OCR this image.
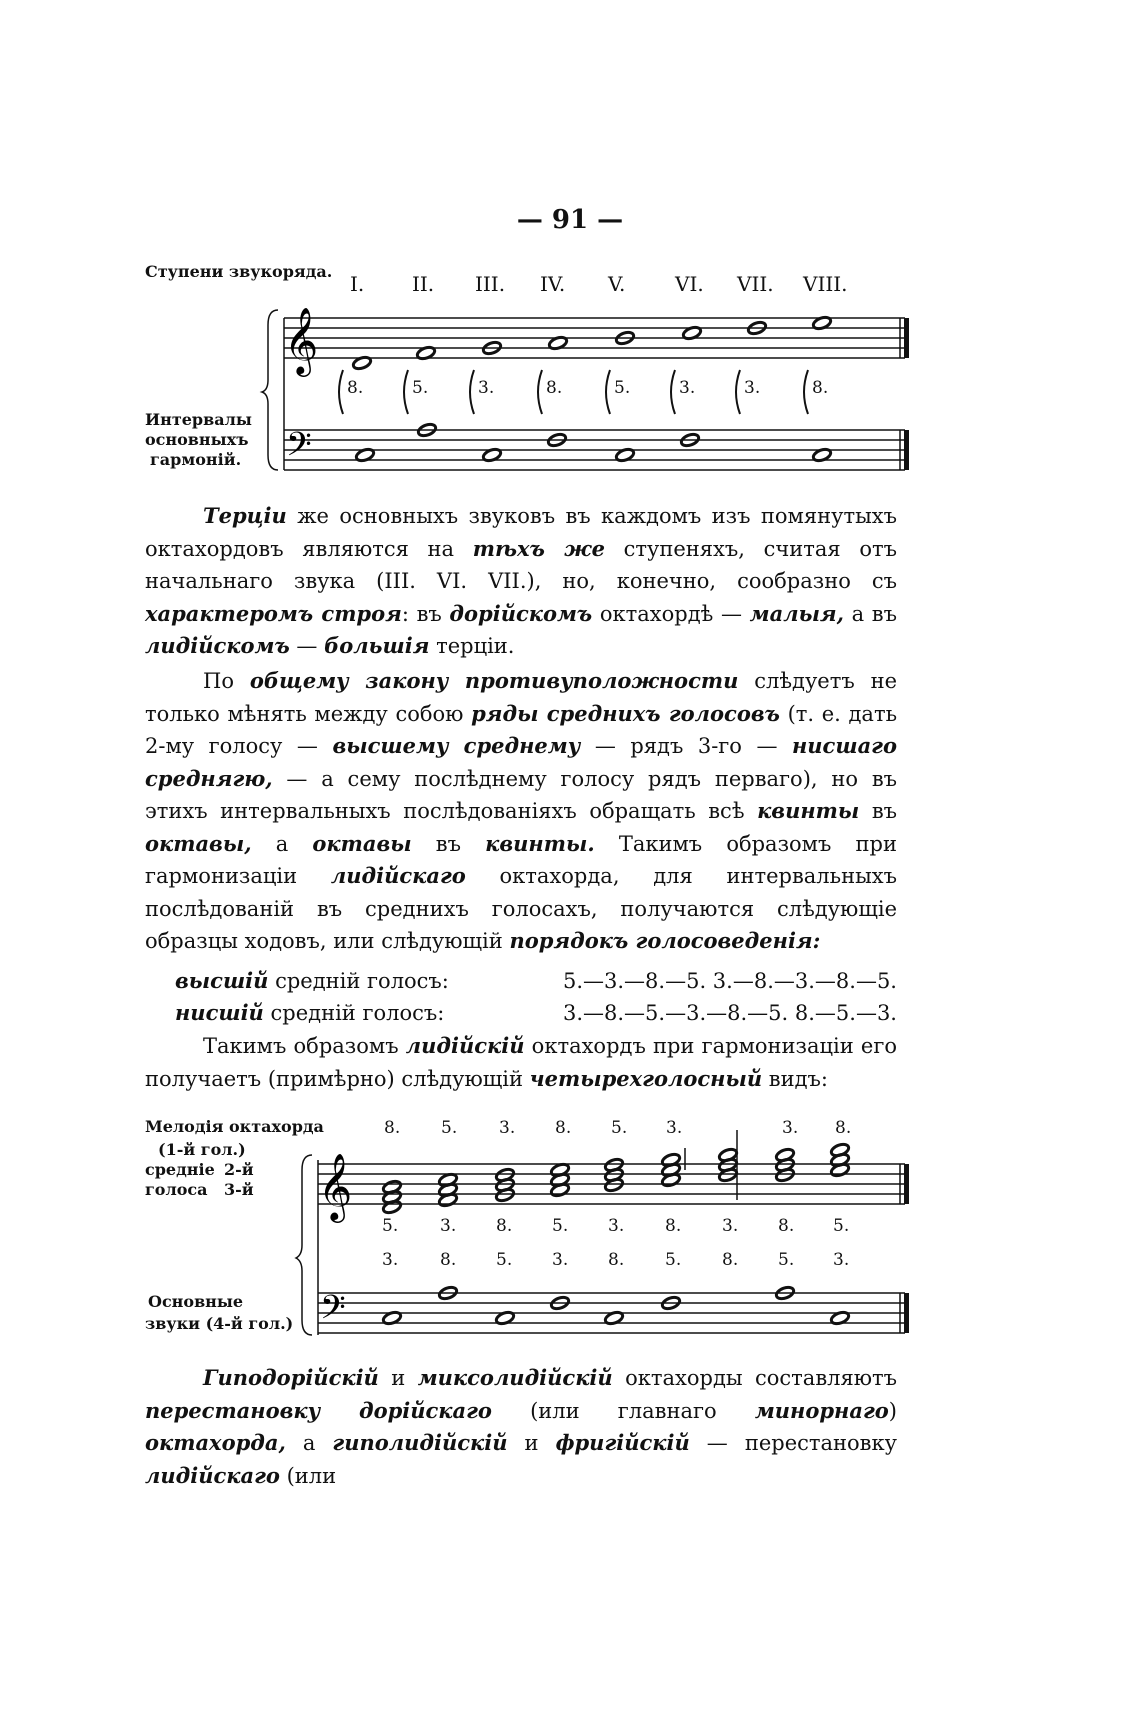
— 91 —
Ступени звукоряда.
I. II. III. IV. V. VI. VII. VIII.
Интервалы
основныхъ
гармоній.
𝄞
𝄢
8.	5.	3.	8.	5.	3.	3.	8.

Терціи же основныхъ звуковъ въ каждомъ изъ помянутыхъ октахордовъ являются на тѣхъ же ступеняхъ, считая отъ начальнаго звука (III. VI. VII.), но, конечно, сообразно съ характеромъ строя: въ дорійскомъ октахордѣ — малыя, а въ лидійскомъ — большія терціи.

По общему закону противуположности слѣдуетъ не только мѣнять между собою ряды среднихъ голосовъ (т. е. дать 2-му голосу — высшему среднему — рядъ 3-го — нисшаго среднягю, — а сему послѣднему голосу рядъ перваго), но въ этихъ интервальныхъ послѣдованіяхъ обращать всѣ квинты въ октавы, а октавы въ квинты. Такимъ образомъ при гармонизаціи лидійскаго октахорда, для интервальныхъ послѣдованій въ среднихъ голосахъ, получаются слѣдующіе образцы ходовъ, или слѣдующій порядокъ голосоведенія:

высшій средній голосъ:	5.—3.—8.—5. 3.—8.—3.—8.—5.
нисшій средній голосъ:	3.—8.—5.—3.—8.—5. 8.—5.—3.

Такимъ образомъ лидійскій октахордъ при гармонизаціи его получаетъ (примѣрно) слѣдующій четырехголосный видъ:

Мелодія октахорда
(1-й гол.)
средніе
голоса
2-й
3-й
Основные
звуки (4-й гол.)
8. 5. 3. 8. 5. 3.	3. 8.
𝄞
𝄢
5. 3. 8. 5. 3. 8. 3. 8. 5.
3. 8. 5. 3. 8. 5. 8. 5. 3.

Гиподорійскій и миксолидійскій октахорды составляютъ перестановку дорійскаго (или главнаго минорнаго) октахорда, а гиполидійскій и фригійскій — перестановку лидійскаго (или
